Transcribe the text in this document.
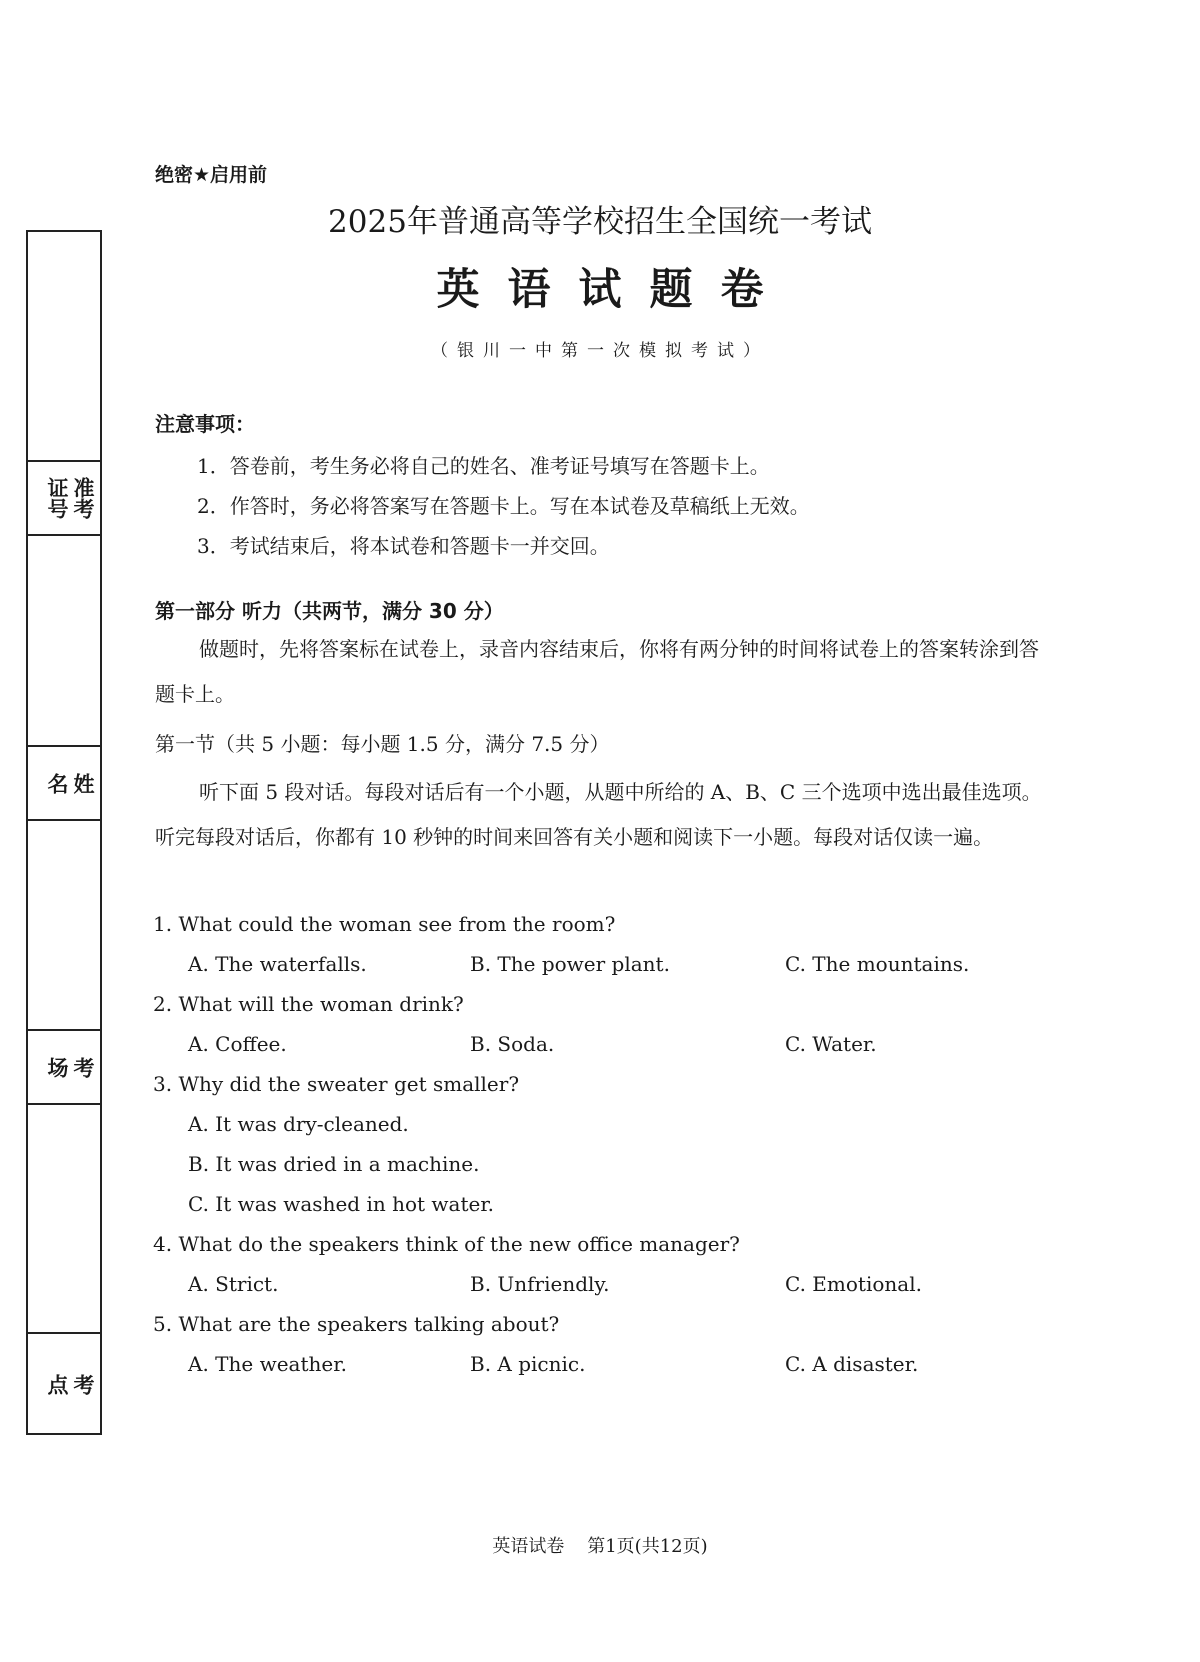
准考
证号
姓
名
考
场
考
点
绝密★启用前
2025年普通高等学校招生全国统一考试
英语试题卷
（银川一中第一次模拟考试）
注意事项：
1．答卷前，考生务必将自己的姓名、准考证号填写在答题卡上。
2．作答时，务必将答案写在答题卡上。写在本试卷及草稿纸上无效。
3．考试结束后，将本试卷和答题卡一并交回。
第一部分 听力（共两节，满分 30 分）
做题时，先将答案标在试卷上，录音内容结束后，你将有两分钟的时间将试卷上的答案转涂到答题卡上。
第一节（共 5 小题：每小题 1.5 分，满分 7.5 分）
听下面 5 段对话。每段对话后有一个小题，从题中所给的 A、B、C 三个选项中选出最佳选项。听完每段对话后，你都有 10 秒钟的时间来回答有关小题和阅读下一小题。每段对话仅读一遍。
1. What could the woman see from the room?
A. The waterfalls.	B. The power plant.	C. The mountains.
2. What will the woman drink?
A. Coffee.	B. Soda.	C. Water.
3. Why did the sweater get smaller?
A. It was dry-cleaned.
B. It was dried in a machine.
C. It was washed in hot water.
4. What do the speakers think of the new office manager?
A. Strict.	B. Unfriendly.	C. Emotional.
5. What are the speakers talking about?
A. The weather.	B. A picnic.	C. A disaster.
英语试卷    第1页(共12页)
